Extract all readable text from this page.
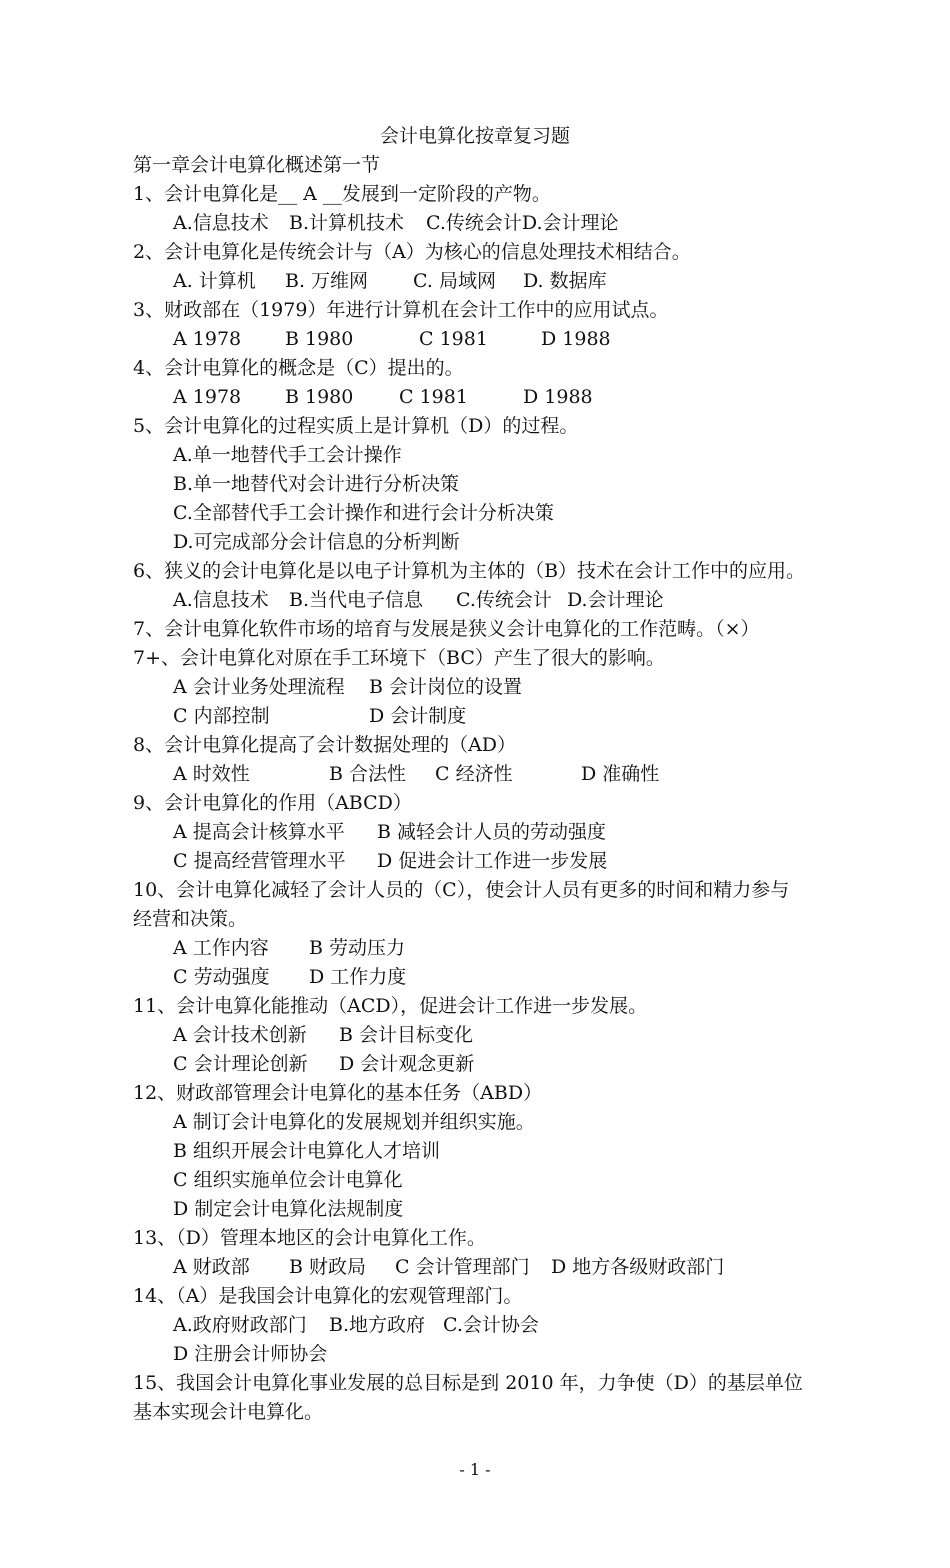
会计电算化按章复习题
第一章会计电算化概述第一节
1、会计电算化是__ A __发展到一定阶段的产物。
A.信息技术 B.计算机技术 C.传统会计D.会计理论
2、会计电算化是传统会计与（A）为核心的信息处理技术相结合。
A. 计算机 B. 万维网 C. 局域网 D. 数据库
3、财政部在（1979）年进行计算机在会计工作中的应用试点。
A 1978 B 1980	C 1981	D 1988
4、会计电算化的概念是（C）提出的。
A 1978 B 1980 C 1981	D 1988
5、会计电算化的过程实质上是计算机（D）的过程。
A.单一地替代手工会计操作
B.单一地替代对会计进行分析决策
C.全部替代手工会计操作和进行会计分析决策
D.可完成部分会计信息的分析判断
6、狭义的会计电算化是以电子计算机为主体的（B）技术在会计工作中的应用。
A.信息技术 B.当代电子信息 C.传统会计 D.会计理论
7、会计电算化软件市场的培育与发展是狭义会计电算化的工作范畴。（×）
7+、会计电算化对原在手工环境下（BC）产生了很大的影响。
A 会计业务处理流程 B 会计岗位的设置
C 内部控制	D 会计制度
8、会计电算化提高了会计数据处理的（AD）
A 时效性	B 合法性 C 经济性	D 准确性
9、会计电算化的作用（ABCD）
A 提高会计核算水平 B 减轻会计人员的劳动强度
C 提高经营管理水平 D 促进会计工作进一步发展
10、会计电算化减轻了会计人员的（C），使会计人员有更多的时间和精力参与
经营和决策。
A 工作内容 B 劳动压力
C 劳动强度 D 工作力度
11、会计电算化能推动（ACD），促进会计工作进一步发展。
A 会计技术创新 B 会计目标变化
C 会计理论创新 D 会计观念更新
12、财政部管理会计电算化的基本任务（ABD）
A 制订会计电算化的发展规划并组织实施。
B 组织开展会计电算化人才培训
C 组织实施单位会计电算化
D 制定会计电算化法规制度
13、（D）管理本地区的会计电算化工作。
A 财政部 B 财政局 C 会计管理部门 D 地方各级财政部门
14、（A）是我国会计电算化的宏观管理部门。
A.政府财政部门 B.地方政府 C.会计协会
D 注册会计师协会
15、我国会计电算化事业发展的总目标是到 2010 年，力争使（D）的基层单位
基本实现会计电算化。
- 1 -
